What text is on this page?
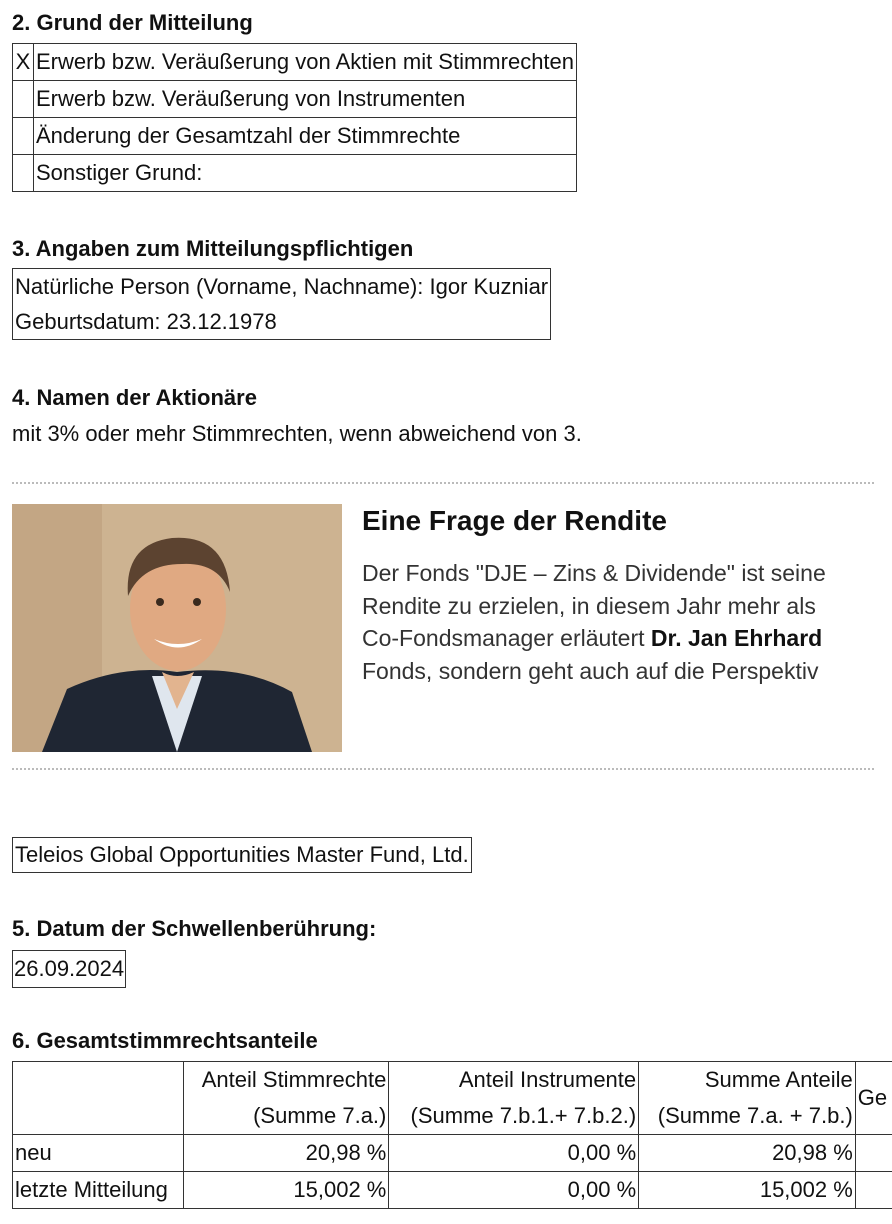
2. Grund der Mitteilung
X	Erwerb bzw. Veräußerung von Aktien mit Stimmrechten
	Erwerb bzw. Veräußerung von Instrumenten
	Änderung der Gesamtzahl der Stimmrechte
	Sonstiger Grund:
3. Angaben zum Mitteilungspflichtigen
Natürliche Person (Vorname, Nachname): Igor Kuzniar
Geburtsdatum: 23.12.1978
4. Namen der Aktionäre
mit 3% oder mehr Stimmrechten, wenn abweichend von 3.
Eine Frage der Rendite
Der Fonds "DJE – Zins & Dividende" ist seine
Rendite zu erzielen, in diesem Jahr mehr als
Co-Fondsmanager erläutert Dr. Jan Ehrhard
Fonds, sondern geht auch auf die Perspektiv
Teleios Global Opportunities Master Fund, Ltd.
5. Datum der Schwellenberührung:
26.09.2024
6. Gesamtstimmrechtsanteile
	Anteil Stimmrechte	Anteil Instrumente	Summe Anteile	Ge
	(Summe 7.a.)	(Summe 7.b.1.+ 7.b.2.)	(Summe 7.a. + 7.b.)	
neu	20,98 %	0,00 %	20,98 %	
letzte Mitteilung	15,002 %	0,00 %	15,002 %	
